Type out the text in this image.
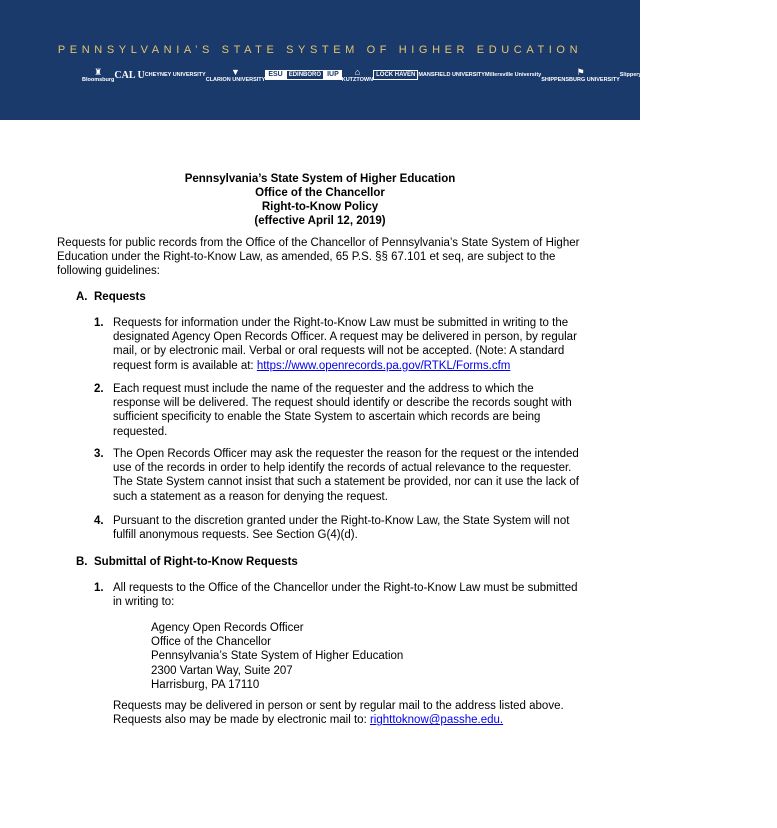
PENNSYLVANIA’S STATE SYSTEM OF HIGHER EDUCATION
♜
Bloomsburg CAL U CHEYNEY UNIVERSITY	▼
CLARION UNIVERSITY
ESU	EDINBORO IUP	⌂
KUTZTOWN
LOCK HAVEN MANSFIELD UNIVERSITY Millersville University	⚑
SHIPPENSBURG UNIVERSITY
Slippery Rock University WCU WEST CHESTER UNIVERSITY
Pennsylvania’s State System of Higher Education
Office of the Chancellor
Right-to-Know Policy
(effective April 12, 2019)
Requests for public records from the Office of the Chancellor of Pennsylvania’s State System of Higher Education under the Right-to-Know Law, as amended, 65 P.S. §§ 67.101 et seq, are subject to the following guidelines:
A. Requests
1. Requests for information under the Right-to-Know Law must be submitted in writing to the designated Agency Open Records Officer. A request may be delivered in person, by regular mail, or by electronic mail. Verbal or oral requests will not be accepted. (Note: A standard request form is available at: https://www.openrecords.pa.gov/RTKL/Forms.cfm
2. Each request must include the name of the requester and the address to which the response will be delivered. The request should identify or describe the records sought with sufficient specificity to enable the State System to ascertain which records are being requested.
3. The Open Records Officer may ask the requester the reason for the request or the intended use of the records in order to help identify the records of actual relevance to the requester. The State System cannot insist that such a statement be provided, nor can it use the lack of such a statement as a reason for denying the request.
4. Pursuant to the discretion granted under the Right-to-Know Law, the State System will not fulfill anonymous requests. See Section G(4)(d).
B. Submittal of Right-to-Know Requests
1. All requests to the Office of the Chancellor under the Right-to-Know Law must be submitted in writing to:
Agency Open Records Officer
Office of the Chancellor
Pennsylvania’s State System of Higher Education
2300 Vartan Way, Suite 207
Harrisburg, PA 17110
Requests may be delivered in person or sent by regular mail to the address listed above. Requests also may be made by electronic mail to: righttoknow@passhe.edu.
